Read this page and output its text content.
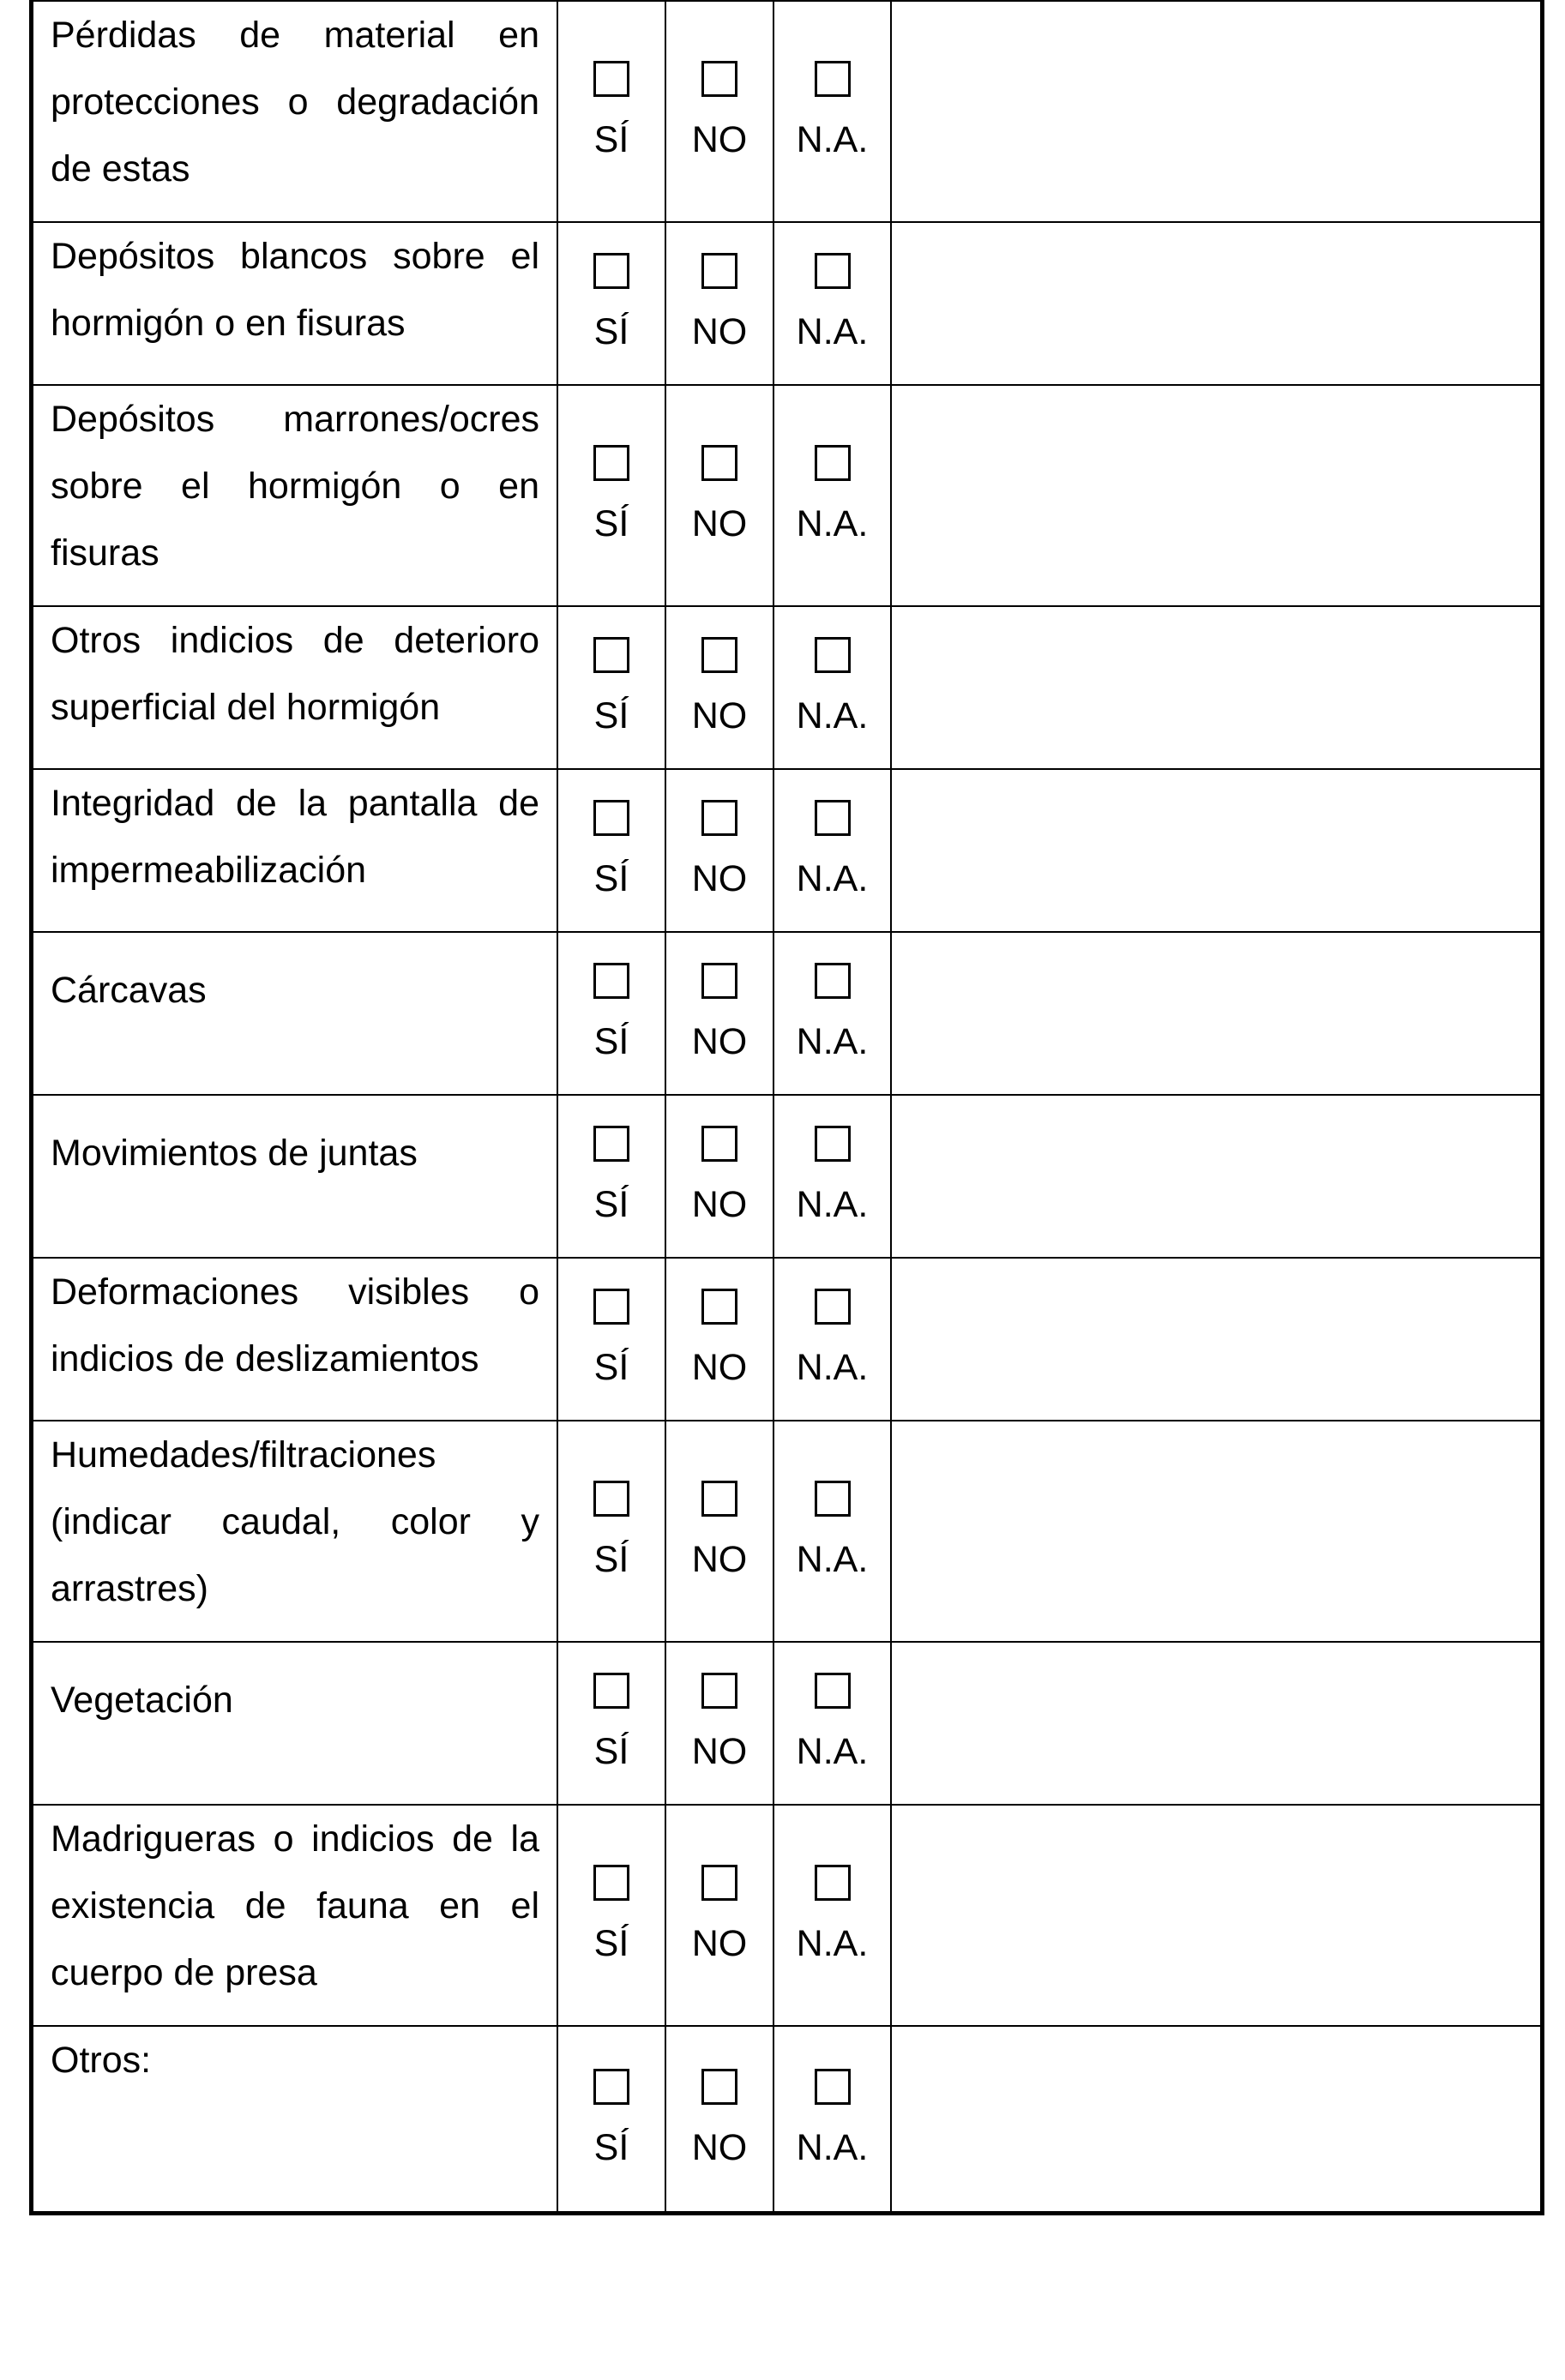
Pérdidas de material en protecciones o degradación de estas	SÍ	NO	N.A.	

Depósitos blancos sobre el hormigón o en fisuras	SÍ	NO	N.A.	

Depósitos marrones/ocres sobre el hormigón o en fisuras	SÍ	NO	N.A.	

Otros indicios de deterioro superficial del hormigón	SÍ	NO	N.A.	

Integridad de la pantalla de impermeabilización	SÍ	NO	N.A.	

Cárcavas	SÍ	NO	N.A.	

Movimientos de juntas	SÍ	NO	N.A.	

Deformaciones visibles o indicios de deslizamientos	SÍ	NO	N.A.	

Humedades/filtraciones (indicar caudal, color y arrastres)	SÍ	NO	N.A.	

Vegetación	SÍ	NO	N.A.	

Madrigueras o indicios de la existencia de fauna en el cuerpo de presa	SÍ	NO	N.A.	

Otros:	SÍ	NO	N.A.	
